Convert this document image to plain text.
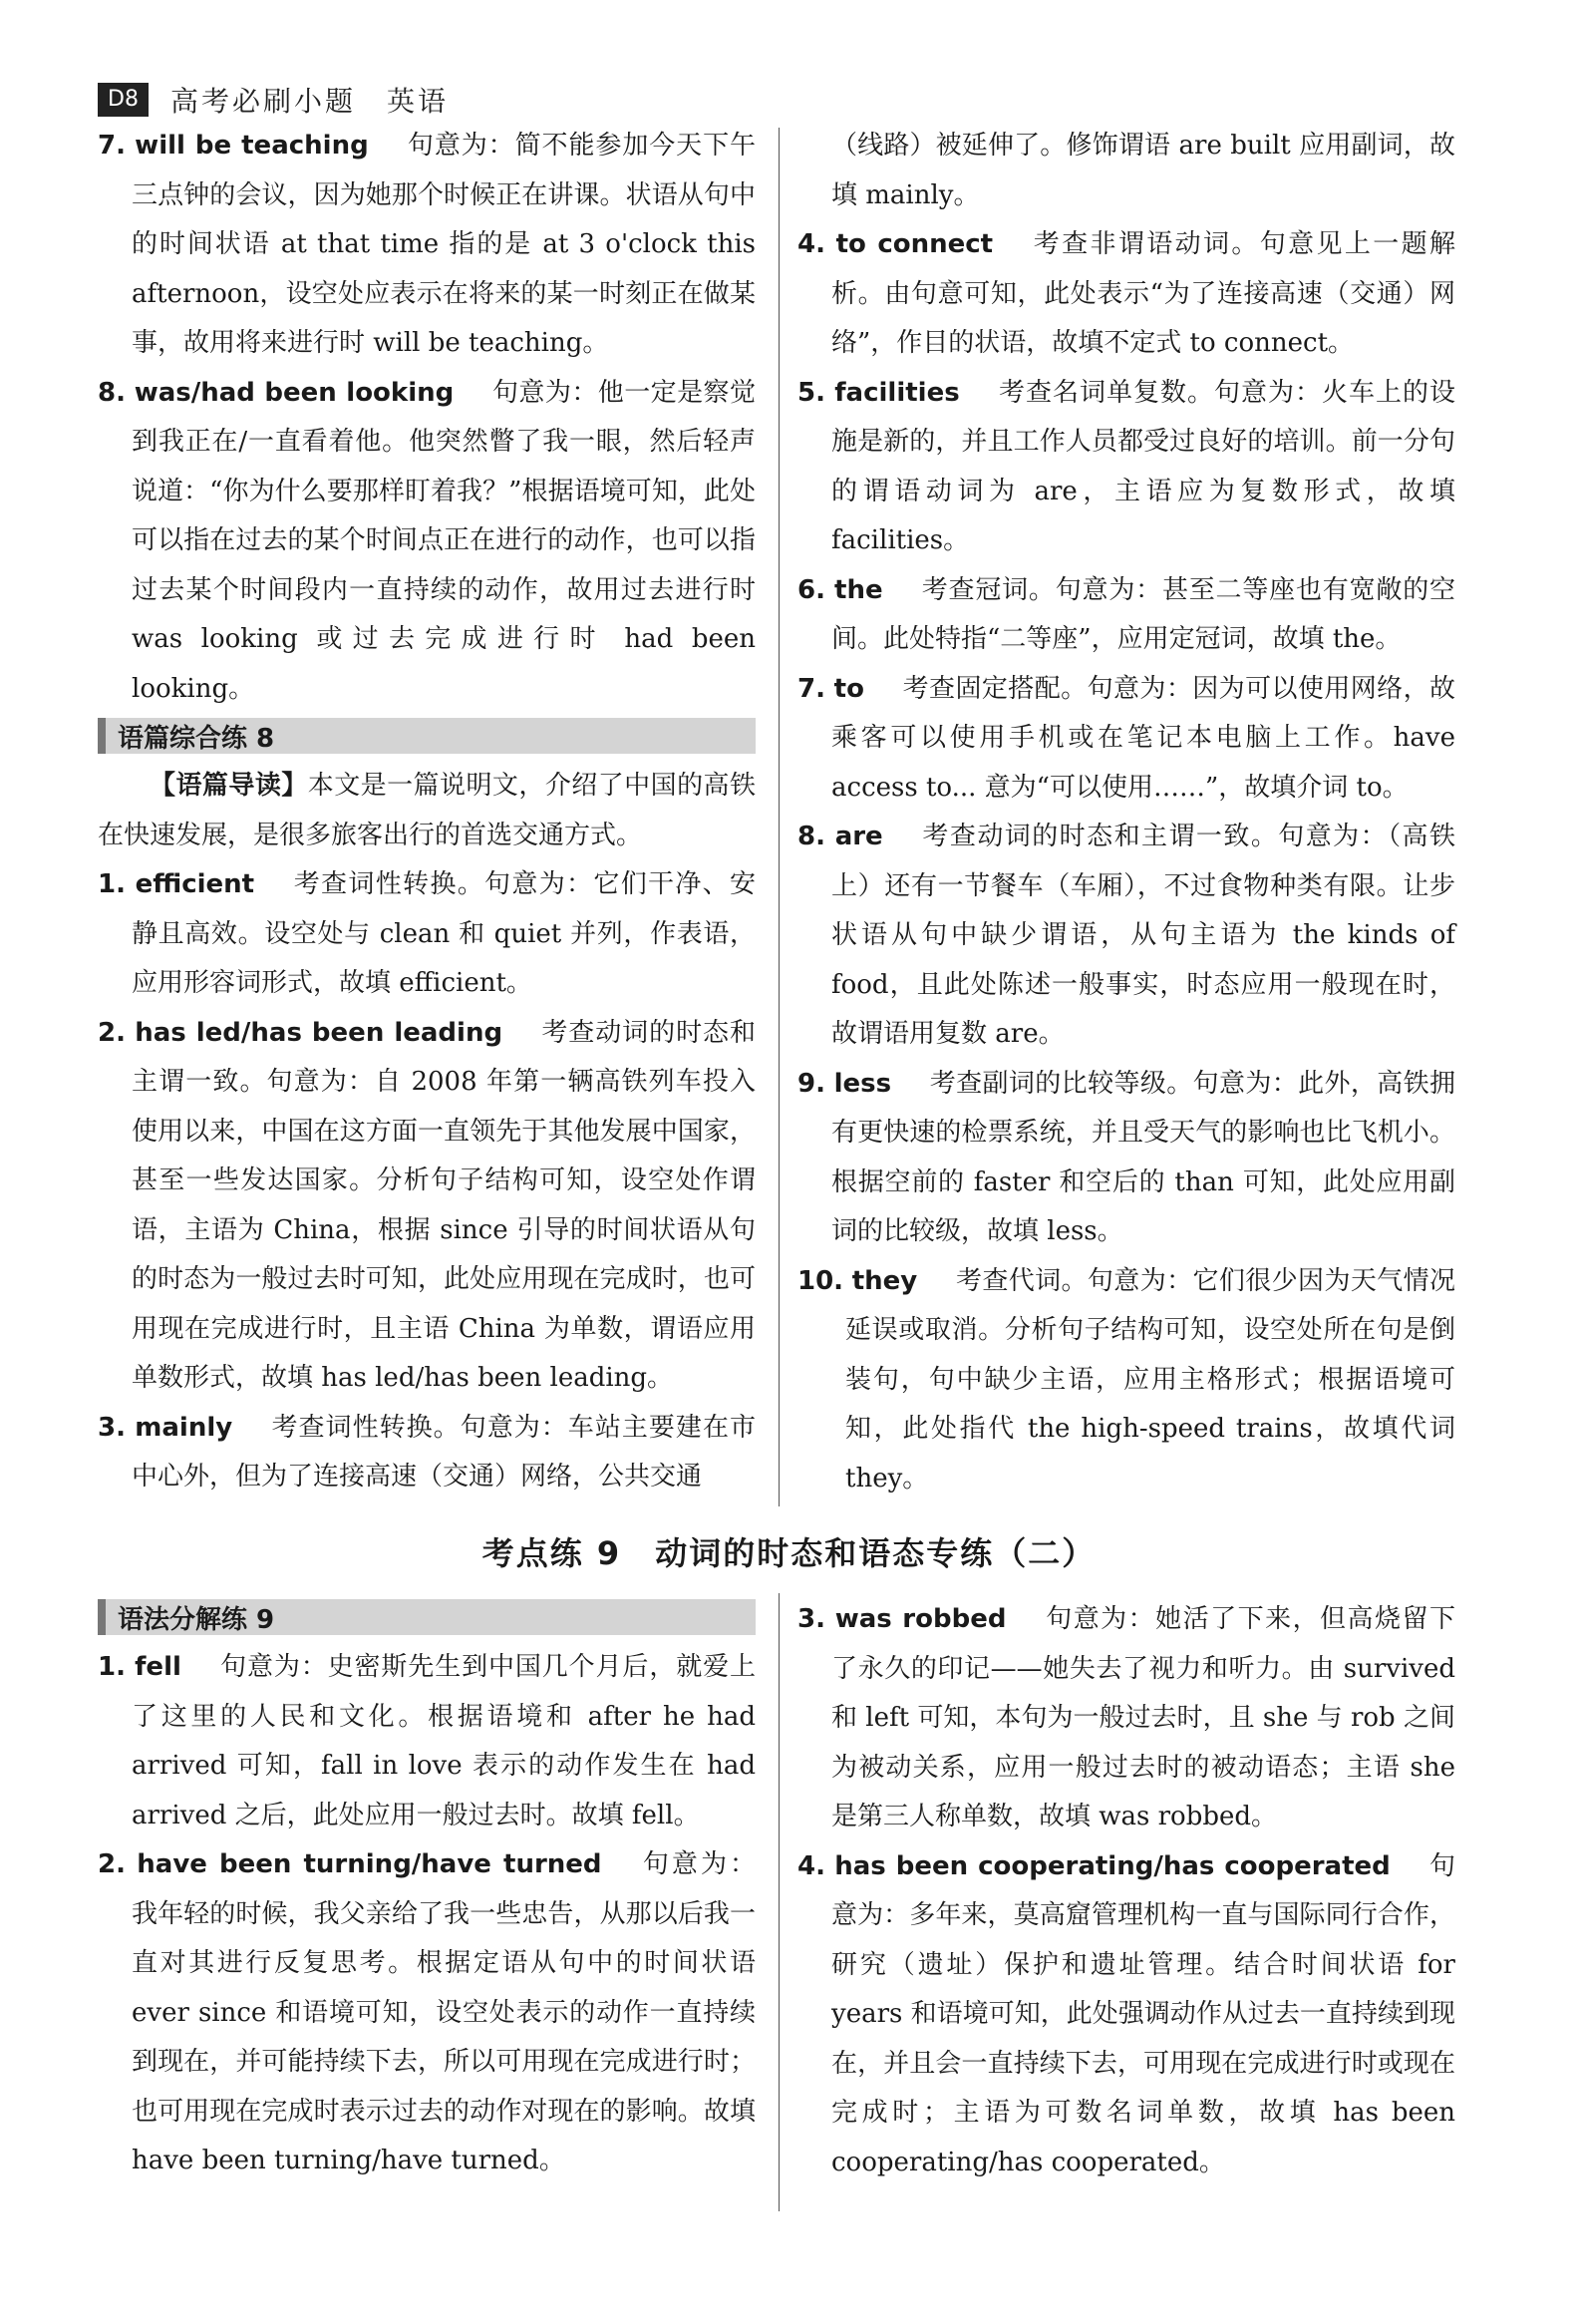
D8	高考必刷小题　英语
7. will be teaching 句意为：简不能参加今天下午三点钟的会议，因为她那个时候正在讲课。状语从句中的时间状语 at that time 指的是 at 3 o'clock this afternoon，设空处应表示在将来的某一时刻正在做某事，故用将来进行时 will be teaching。
8. was/had been looking 句意为：他一定是察觉到我正在/一直看着他。他突然瞥了我一眼，然后轻声说道：“你为什么要那样盯着我？”根据语境可知，此处可以指在过去的某个时间点正在进行的动作，也可以指过去某个时间段内一直持续的动作，故用过去进行时 was looking 或过去完成进行时 had been looking。
语篇综合练 8
【语篇导读】本文是一篇说明文，介绍了中国的高铁在快速发展，是很多旅客出行的首选交通方式。
1. efficient 考查词性转换。句意为：它们干净、安静且高效。设空处与 clean 和 quiet 并列，作表语，应用形容词形式，故填 efficient。
2. has led/has been leading 考查动词的时态和主谓一致。句意为：自 2008 年第一辆高铁列车投入使用以来，中国在这方面一直领先于其他发展中国家，甚至一些发达国家。分析句子结构可知，设空处作谓语，主语为 China，根据 since 引导的时间状语从句的时态为一般过去时可知，此处应用现在完成时，也可用现在完成进行时，且主语 China 为单数，谓语应用单数形式，故填 has led/has been leading。
3. mainly 考查词性转换。句意为：车站主要建在市中心外，但为了连接高速（交通）网络，公共交通
（线路）被延伸了。修饰谓语 are built 应用副词，故填 mainly。
4. to connect 考查非谓语动词。句意见上一题解析。由句意可知，此处表示“为了连接高速（交通）网络”，作目的状语，故填不定式 to connect。
5. facilities 考查名词单复数。句意为：火车上的设施是新的，并且工作人员都受过良好的培训。前一分句的谓语动词为 are，主语应为复数形式，故填 facilities。
6. the 考查冠词。句意为：甚至二等座也有宽敞的空间。此处特指“二等座”，应用定冠词，故填 the。
7. to 考查固定搭配。句意为：因为可以使用网络，故乘客可以使用手机或在笔记本电脑上工作。have access to... 意为“可以使用……”，故填介词 to。
8. are 考查动词的时态和主谓一致。句意为：（高铁上）还有一节餐车（车厢），不过食物种类有限。让步状语从句中缺少谓语，从句主语为 the kinds of food，且此处陈述一般事实，时态应用一般现在时，故谓语用复数 are。
9. less 考查副词的比较等级。句意为：此外，高铁拥有更快速的检票系统，并且受天气的影响也比飞机小。根据空前的 faster 和空后的 than 可知，此处应用副词的比较级，故填 less。
10. they 考查代词。句意为：它们很少因为天气情况延误或取消。分析句子结构可知，设空处所在句是倒装句，句中缺少主语，应用主格形式；根据语境可知，此处指代 the high-speed trains，故填代词 they。
考点练 9　动词的时态和语态专练（二）
语法分解练 9
1. fell 句意为：史密斯先生到中国几个月后，就爱上了这里的人民和文化。根据语境和 after he had arrived 可知，fall in love 表示的动作发生在 had arrived 之后，此处应用一般过去时。故填 fell。
2. have been turning/have turned 句意为：我年轻的时候，我父亲给了我一些忠告，从那以后我一直对其进行反复思考。根据定语从句中的时间状语 ever since 和语境可知，设空处表示的动作一直持续到现在，并可能持续下去，所以可用现在完成进行时；也可用现在完成时表示过去的动作对现在的影响。故填 have been turning/have turned。
3. was robbed 句意为：她活了下来，但高烧留下了永久的印记——她失去了视力和听力。由 survived 和 left 可知，本句为一般过去时，且 she 与 rob 之间为被动关系，应用一般过去时的被动语态；主语 she 是第三人称单数，故填 was robbed。
4. has been cooperating/has cooperated 句意为：多年来，莫高窟管理机构一直与国际同行合作，研究（遗址）保护和遗址管理。结合时间状语 for years 和语境可知，此处强调动作从过去一直持续到现在，并且会一直持续下去，可用现在完成进行时或现在完成时；主语为可数名词单数，故填 has been cooperating/has cooperated。
